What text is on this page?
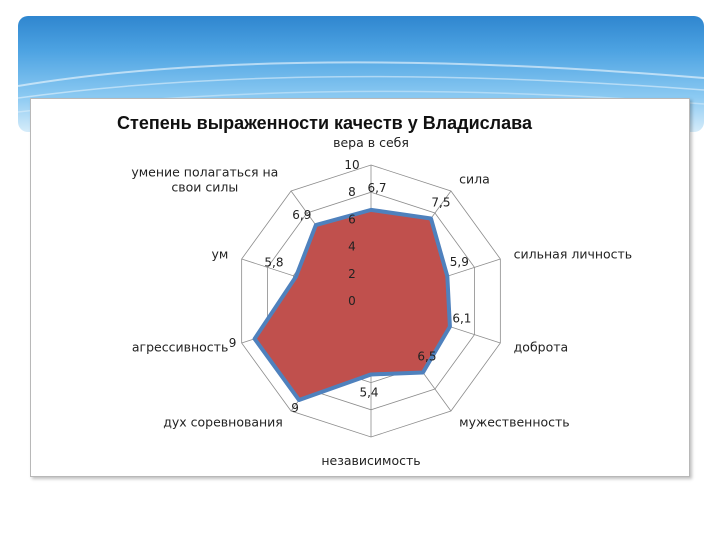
Степень выраженности качеств у Владислава
0
2
4
6
8
10
вера в себя
сила
сильная личность
доброта
мужественность
независимость
дух соревнования
агрессивность
ум
умение полагаться на свои силы	6,7
7,5
5,9
6,1
6,5
5,4
9
9
5,8
6,9
